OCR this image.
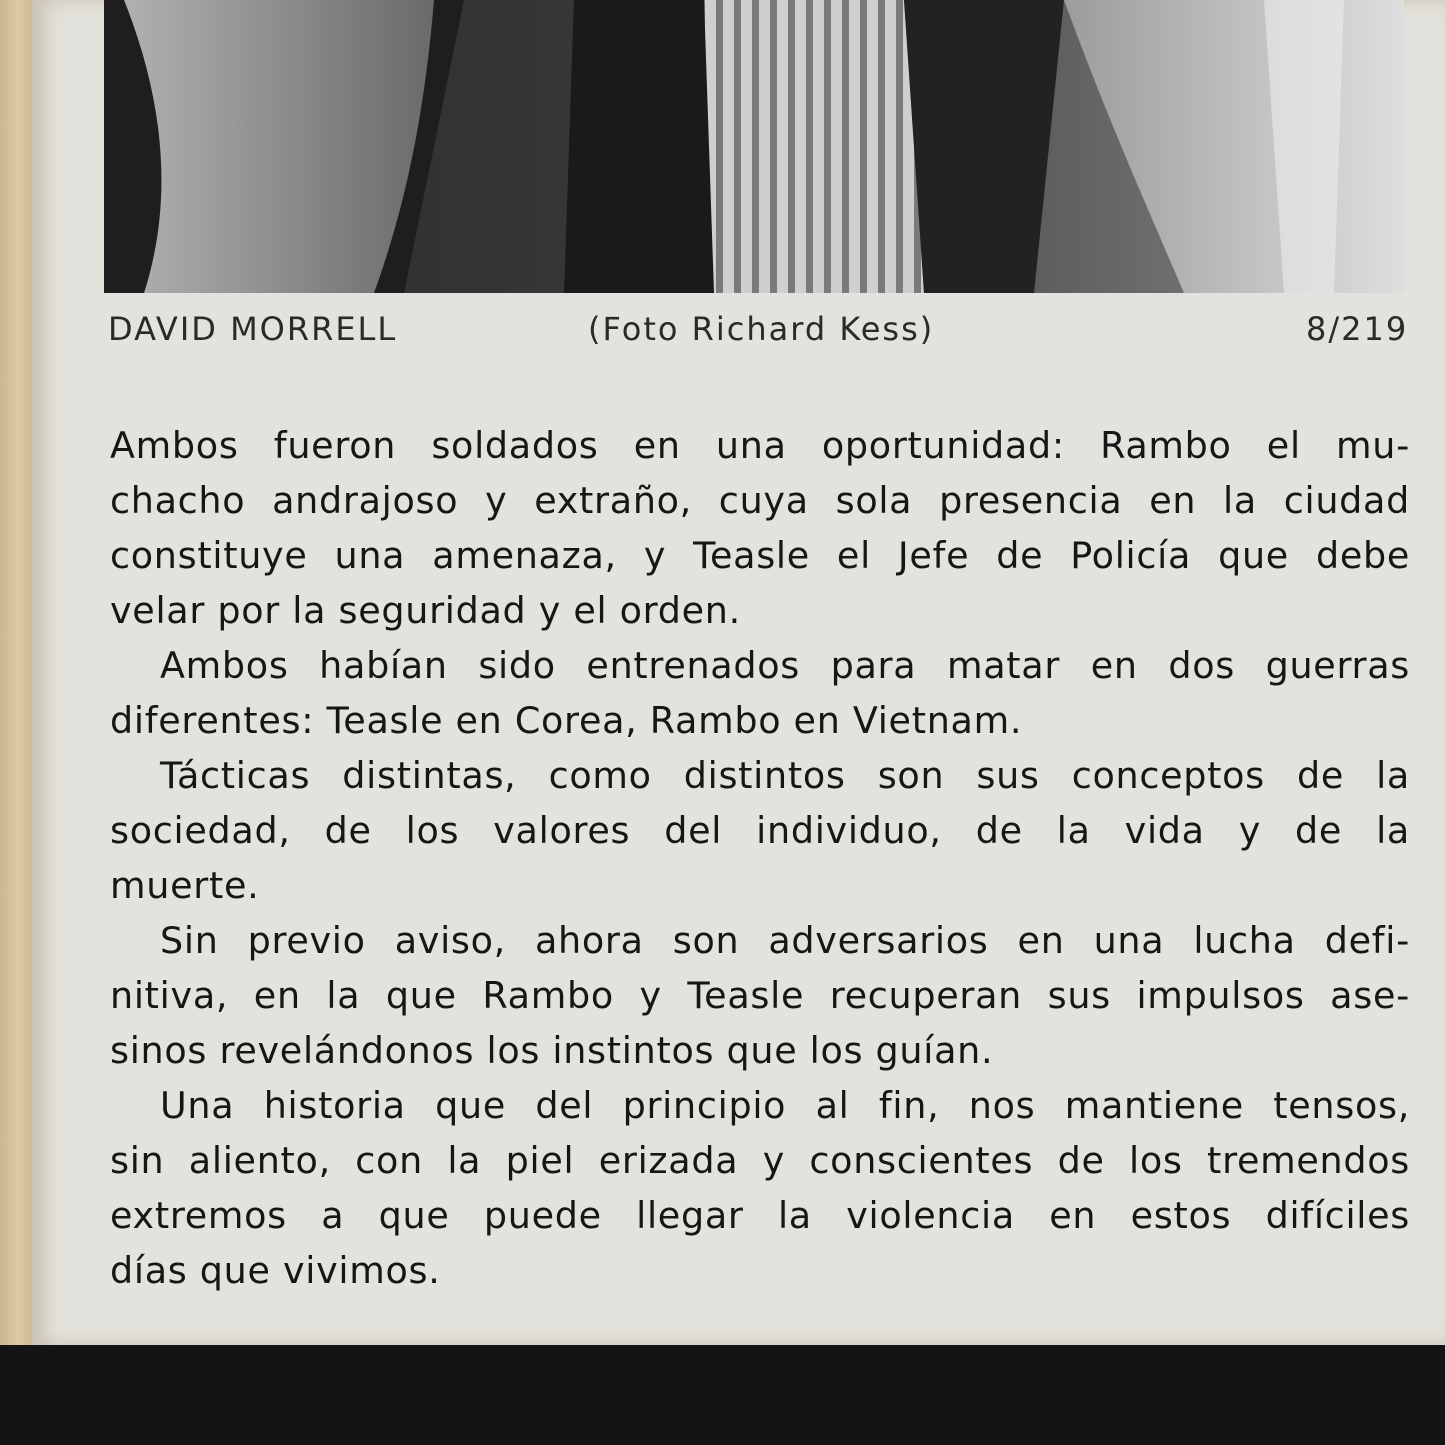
DAVID MORRELL	(Foto Richard Kess)	8/219
Ambos fueron soldados en una oportunidad: Rambo el mu-
chacho andrajoso y extraño, cuya sola presencia en la ciudad
constituye una amenaza, y Teasle el Jefe de Policía que debe
velar por la seguridad y el orden.
Ambos habían sido entrenados para matar en dos guerras
diferentes: Teasle en Corea, Rambo en Vietnam.
Tácticas distintas, como distintos son sus conceptos de la
sociedad, de los valores del individuo, de la vida y de la
muerte.
Sin previo aviso, ahora son adversarios en una lucha defi-
nitiva, en la que Rambo y Teasle recuperan sus impulsos ase-
sinos revelándonos los instintos que los guían.
Una historia que del principio al fin, nos mantiene tensos,
sin aliento, con la piel erizada y conscientes de los tremendos
extremos a que puede llegar la violencia en estos difíciles
días que vivimos.
